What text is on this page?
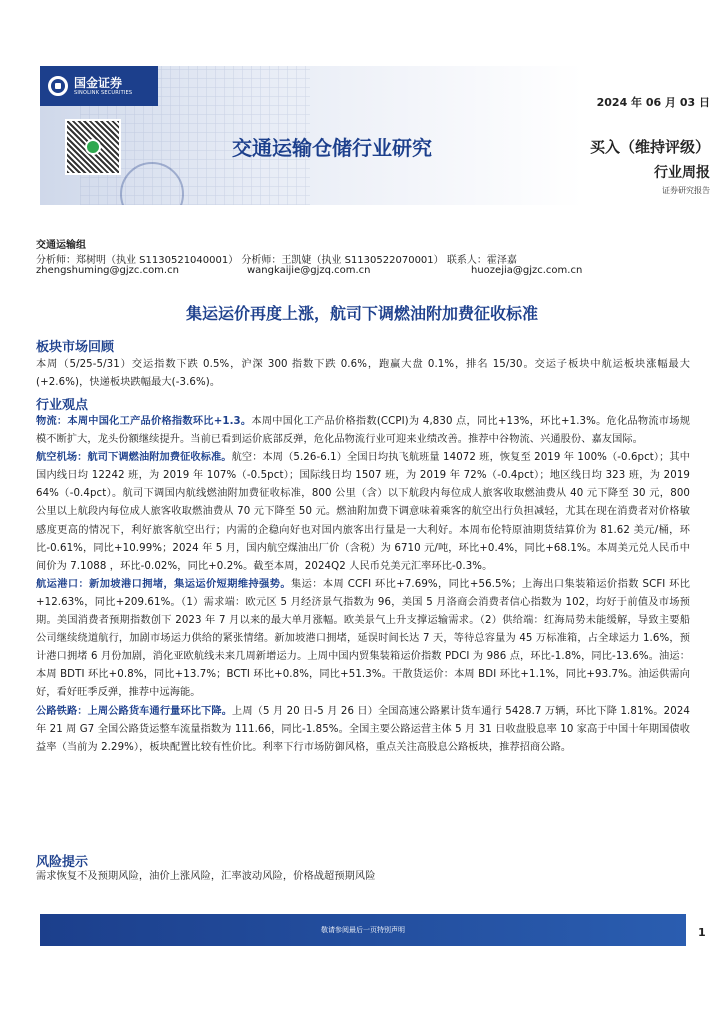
国金证券
SINOLINK SECURITIES
2024 年 06 月 03 日
交通运输仓储行业研究	买入（维持评级）
行业周报
证券研究报告
交通运输组
分析师：郑树明（执业 S1130521040001） 分析师：王凯婕（执业 S1130522070001） 联系人：霍泽嘉
zhengshuming@gjzc.com.cn	wangkaijie@gjzq.com.cn	huozejia@gjzc.com.cn
集运运价再度上涨，航司下调燃油附加费征收标准
板块市场回顾

本周（5/25-5/31）交运指数下跌 0.5%，沪深 300 指数下跌 0.6%，跑赢大盘 0.1%，排名 15/30。交运子板块中航运板块涨幅最大(+2.6%)，快递板块跌幅最大(-3.6%)。

行业观点

物流：本周中国化工产品价格指数环比+1.3。本周中国化工产品价格指数(CCPI)为 4,830 点，同比+13%，环比+1.3%。危化品物流市场规模不断扩大，龙头份额继续提升。当前已看到运价底部反弹，危化品物流行业可迎来业绩改善。推荐中谷物流、兴通股份、嘉友国际。

航空机场：航司下调燃油附加费征收标准。航空：本周（5.26-6.1）全国日均执飞航班量 14072 班，恢复至 2019 年 100%（-0.6pct）；其中国内线日均 12242 班，为 2019 年 107%（-0.5pct）；国际线日均 1507 班，为 2019 年 72%（-0.4pct）；地区线日均 323 班，为 2019 64%（-0.4pct）。航司下调国内航线燃油附加费征收标准，800 公里（含）以下航段内每位成人旅客收取燃油费从 40 元下降至 30 元，800 公里以上航段内每位成人旅客收取燃油费从 70 元下降至 50 元。燃油附加费下调意味着乘客的航空出行负担减轻，尤其在现在消费者对价格敏感度更高的情况下，利好旅客航空出行；内需的企稳向好也对国内旅客出行量是一大利好。本周布伦特原油期货结算价为 81.62 美元/桶，环比-0.61%，同比+10.99%；2024 年 5 月，国内航空煤油出厂价（含税）为 6710 元/吨，环比+0.4%，同比+68.1%。本周美元兑人民币中间价为 7.1088 ，环比-0.02%，同比+0.2%。截至本周，2024Q2 人民币兑美元汇率环比-0.3%。

航运港口：新加坡港口拥堵，集运运价短期维持强势。集运：本周 CCFI 环比+7.69%，同比+56.5%；上海出口集装箱运价指数 SCFI 环比+12.63%，同比+209.61%。（1）需求端：欧元区 5 月经济景气指数为 96，美国 5 月洛商会消费者信心指数为 102，均好于前值及市场预期。美国消费者预期指数创下 2023 年 7 月以来的最大单月涨幅。欧美景气上升支撑运输需求。（2）供给端：红海局势未能缓解，导致主要船公司继续绕道航行，加剧市场运力供给的紧张情绪。新加坡港口拥堵，延误时间长达 7 天，等待总容量为 45 万标准箱，占全球运力 1.6%，预计港口拥堵 6 月份加剧，消化亚欧航线未来几周新增运力。上周中国内贸集装箱运价指数 PDCI 为 986 点，环比-1.8%，同比-13.6%。油运：本周 BDTI 环比+0.8%，同比+13.7%；BCTI 环比+0.8%，同比+51.3%。干散货运价：本周 BDI 环比+1.1%，同比+93.7%。油运供需向好，看好旺季反弹，推荐中远海能。

公路铁路：上周公路货车通行量环比下降。上周（5 月 20 日-5 月 26 日）全国高速公路累计货车通行 5428.7 万辆，环比下降 1.81%。2024 年 21 周 G7 全国公路货运整车流量指数为 111.66，同比-1.85%。全国主要公路运营主体 5 月 31 日收盘股息率 10 家高于中国十年期国债收益率（当前为 2.29%），板块配置比较有性价比。利率下行市场防御风格，重点关注高股息公路板块，推荐招商公路。

风险提示

需求恢复不及预期风险，油价上涨风险，汇率波动风险，价格战超预期风险

敬请参阅最后一页特别声明	1
